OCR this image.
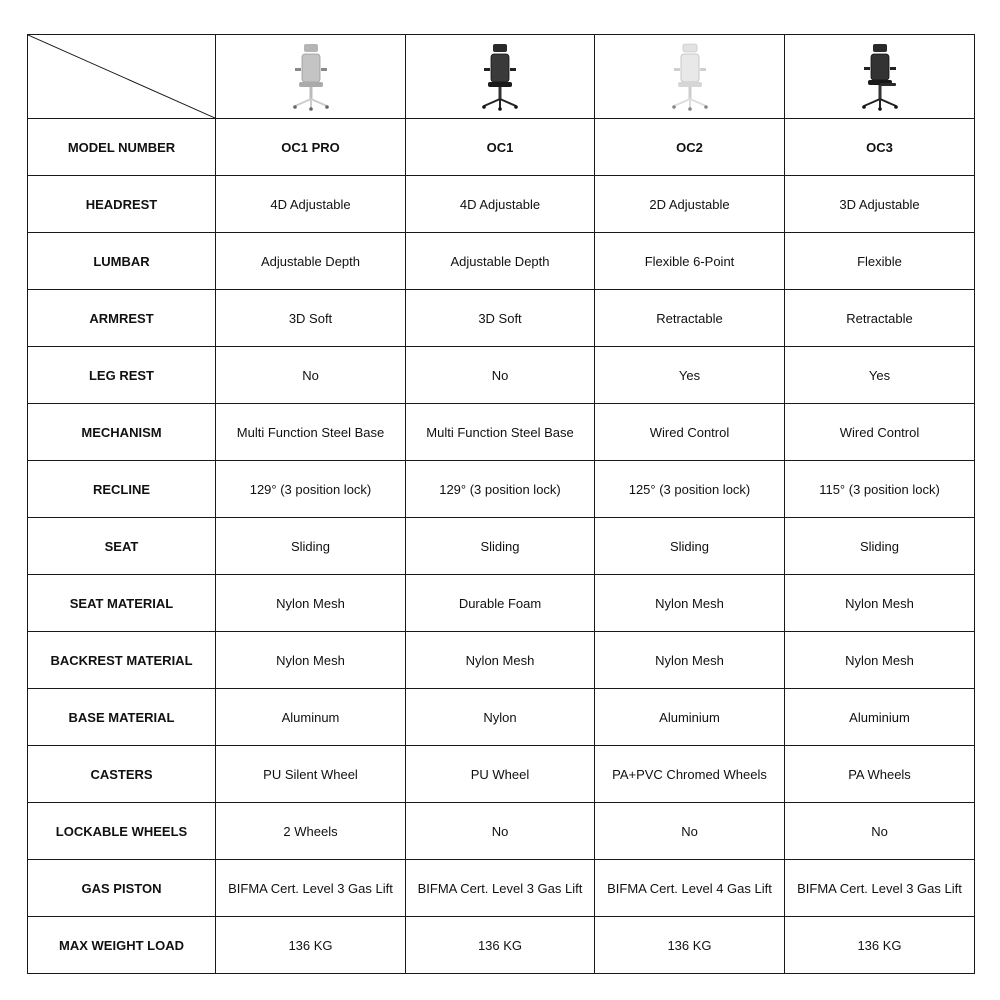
MODEL NUMBER	OC1 PRO	OC1	OC2	OC3
HEADREST	4D Adjustable	4D Adjustable	2D Adjustable	3D Adjustable
LUMBAR	Adjustable Depth	Adjustable Depth	Flexible 6-Point	Flexible
ARMREST	3D Soft	3D Soft	Retractable	Retractable
LEG REST	No	No	Yes	Yes
MECHANISM	Multi Function Steel Base	Multi Function Steel Base	Wired Control	Wired Control
RECLINE	129° (3 position lock)	129° (3 position lock)	125° (3 position lock)	115° (3 position lock)
SEAT	Sliding	Sliding	Sliding	Sliding
SEAT MATERIAL	Nylon Mesh	Durable Foam	Nylon Mesh	Nylon Mesh
BACKREST MATERIAL	Nylon Mesh	Nylon Mesh	Nylon Mesh	Nylon Mesh
BASE MATERIAL	Aluminum	Nylon	Aluminium	Aluminium
CASTERS	PU Silent Wheel	PU Wheel	PA+PVC Chromed Wheels	PA Wheels
LOCKABLE WHEELS	2 Wheels	No	No	No
GAS PISTON	BIFMA Cert. Level 3 Gas Lift	BIFMA Cert. Level 3 Gas Lift	BIFMA Cert. Level 4 Gas Lift	BIFMA Cert. Level 3 Gas Lift
MAX WEIGHT LOAD	136 KG	136 KG	136 KG	136 KG
